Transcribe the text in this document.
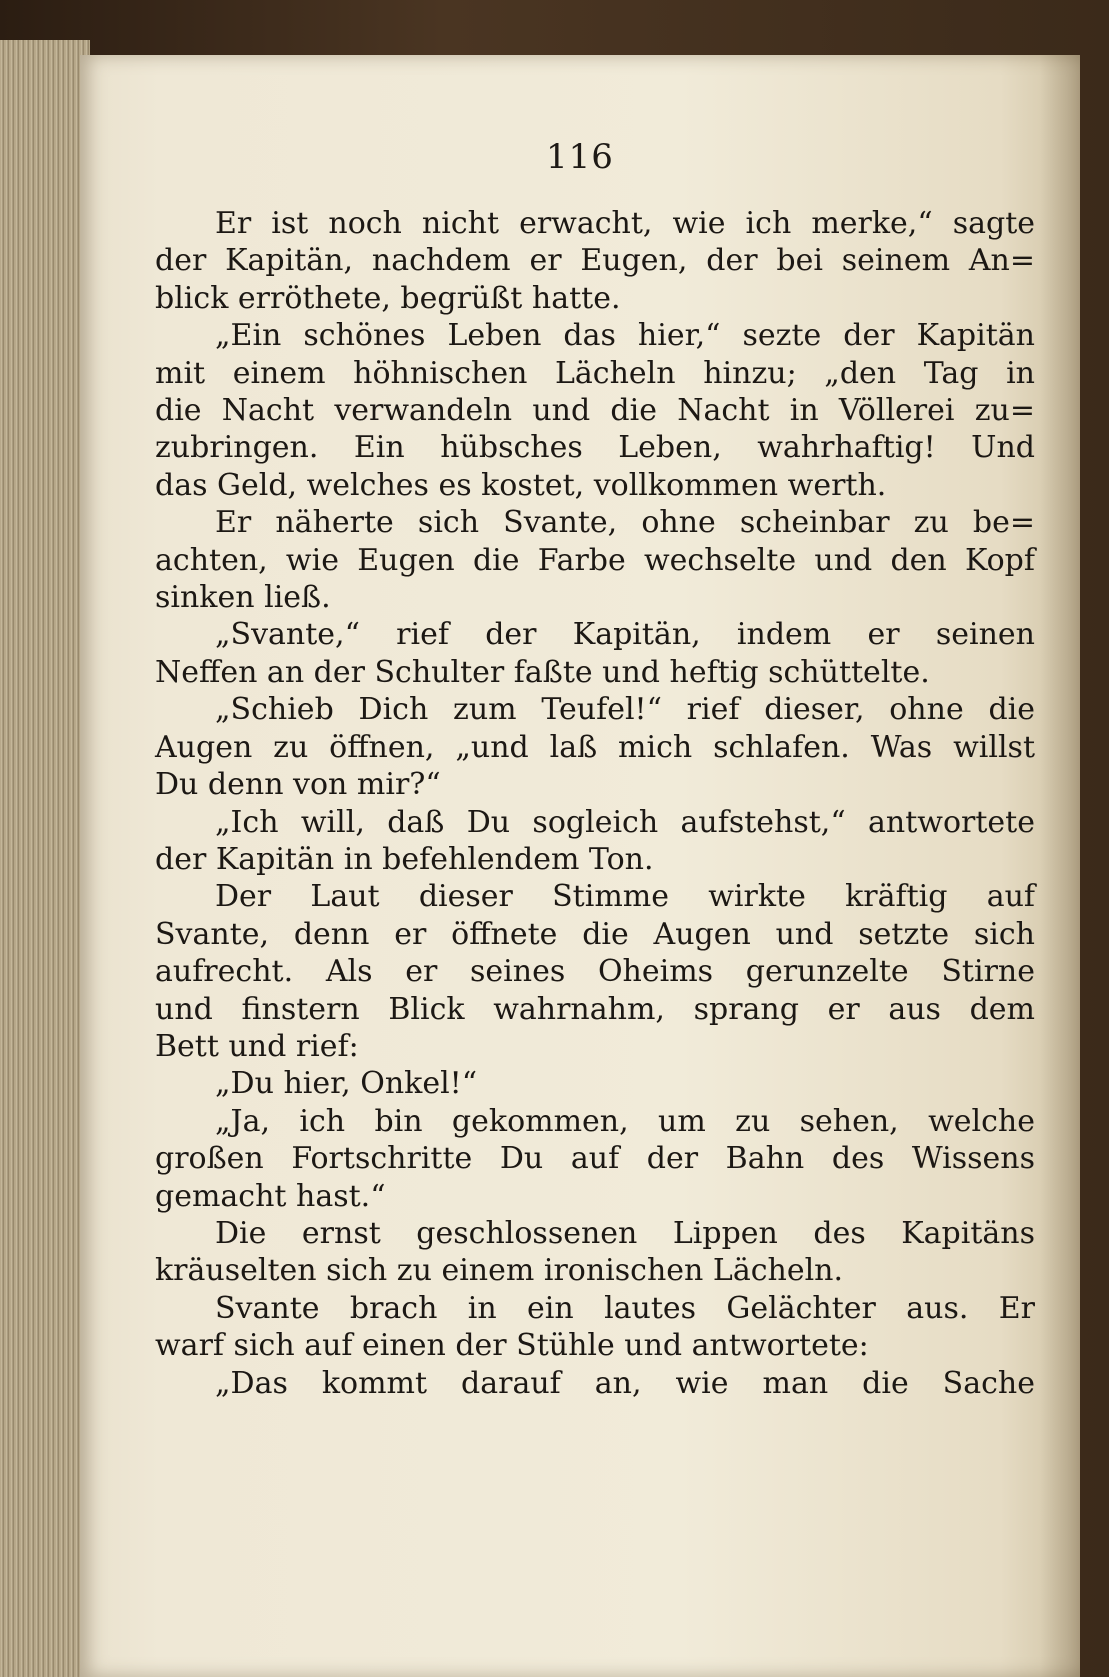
116
Er ist noch nicht erwacht, wie ich merke,“ sagte
der Kapitän, nachdem er Eugen, der bei seinem An=
blick erröthete, begrüßt hatte.
„Ein schönes Leben das hier,“ sezte der Kapitän
mit einem höhnischen Lächeln hinzu; „den Tag in
die Nacht verwandeln und die Nacht in Völlerei zu=
zubringen. Ein hübsches Leben, wahrhaftig! Und
das Geld, welches es kostet, vollkommen werth.
Er näherte sich Svante, ohne scheinbar zu be=
achten, wie Eugen die Farbe wechselte und den Kopf
sinken ließ.
„Svante,“ rief der Kapitän, indem er seinen
Neffen an der Schulter faßte und heftig schüttelte.
„Schieb Dich zum Teufel!“ rief dieser, ohne die
Augen zu öffnen, „und laß mich schlafen. Was willst
Du denn von mir?“
„Ich will, daß Du sogleich aufstehst,“ antwortete
der Kapitän in befehlendem Ton.
Der Laut dieser Stimme wirkte kräftig auf
Svante, denn er öffnete die Augen und setzte sich
aufrecht. Als er seines Oheims gerunzelte Stirne
und finstern Blick wahrnahm, sprang er aus dem
Bett und rief:
„Du hier, Onkel!“
„Ja, ich bin gekommen, um zu sehen, welche
großen Fortschritte Du auf der Bahn des Wissens
gemacht hast.“
Die ernst geschlossenen Lippen des Kapitäns
kräuselten sich zu einem ironischen Lächeln.
Svante brach in ein lautes Gelächter aus. Er
warf sich auf einen der Stühle und antwortete:
„Das kommt darauf an, wie man die Sache
